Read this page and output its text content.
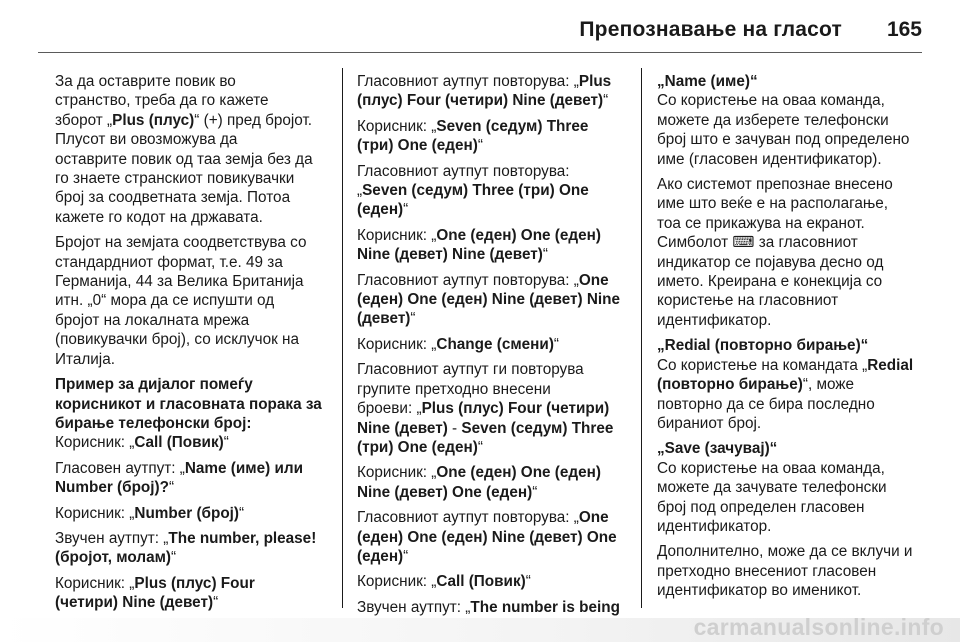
Препознавање на гласот 165
За да оставрите повик во
странство, треба да го кажете
зборот „Plus (плус)“ (+) пред бројот.
Плусот ви овозможува да
оставрите повик од таа земја без да
го знаете странскиот повикувачки
број за соодветната земја. Потоа
кажете го кодот на државата.
Бројот на земјата соодветствува со
стандардниот формат, т.е. 49 за
Германија, 44 за Велика Британија
итн. „0“ мора да се испушти од
бројот на локалната мрежа
(повикувачки број), со исклучок на
Италија.
Пример за дијалог помеѓу
корисникот и гласовната порака за
бирање телефонски број:
Корисник: „Call (Повик)“
Гласовен аутпут: „Name (име) или
Number (број)?“
Корисник: „Number (број)“
Звучен аутпут: „The number, please!
(бројот, молам)“
Корисник: „Plus (плус) Four
(четири) Nine (девет)“
Гласовниот аутпут повторува: „Plus
(плус) Four (четири) Nine (девет)“
Корисник: „Seven (седум) Three
(три) One (еден)“
Гласовниот аутпут повторува:
„Seven (седум) Three (три) One
(еден)“
Корисник: „One (еден) One (еден)
Nine (девет) Nine (девет)“
Гласовниот аутпут повторува: „One
(еден) One (еден) Nine (девет) Nine
(девет)“
Корисник: „Change (смени)“
Гласовниот аутпут ги повторува
групите претходно внесени
броеви: „Plus (плус) Four (четири)
Nine (девет) - Seven (седум) Three
(три) One (еден)“
Корисник: „One (еден) One (еден)
Nine (девет) One (еден)“
Гласовниот аутпут повторува: „One
(еден) One (еден) Nine (девет) One
(еден)“
Корисник: „Call (Повик)“
Звучен аутпут: „The number is being

„Name (име)“
Со користење на оваа команда,
можете да изберете телефонски
број што е зачуван под определено
име (гласовен идентификатор).
Ако системот препознае внесено
име што веќе е на располагање,
тоа се прикажува на екранот.
Симболот ⌨ за гласовниот
индикатор се појавува десно од
името. Креирана е конекција со
користење на гласовниот
идентификатор.
„Redial (повторно бирање)“
Со користење на командата „Redial
(повторно бирање)“, може
повторно да се бира последно
бираниот број.
„Save (зачувај)“
Со користење на оваа команда,
можете да зачувате телефонски
број под определен гласовен
идентификатор.
Дополнително, може да се вклучи и
претходно внесениот гласовен
идентификатор во именикот.
carmanualsonline.info
